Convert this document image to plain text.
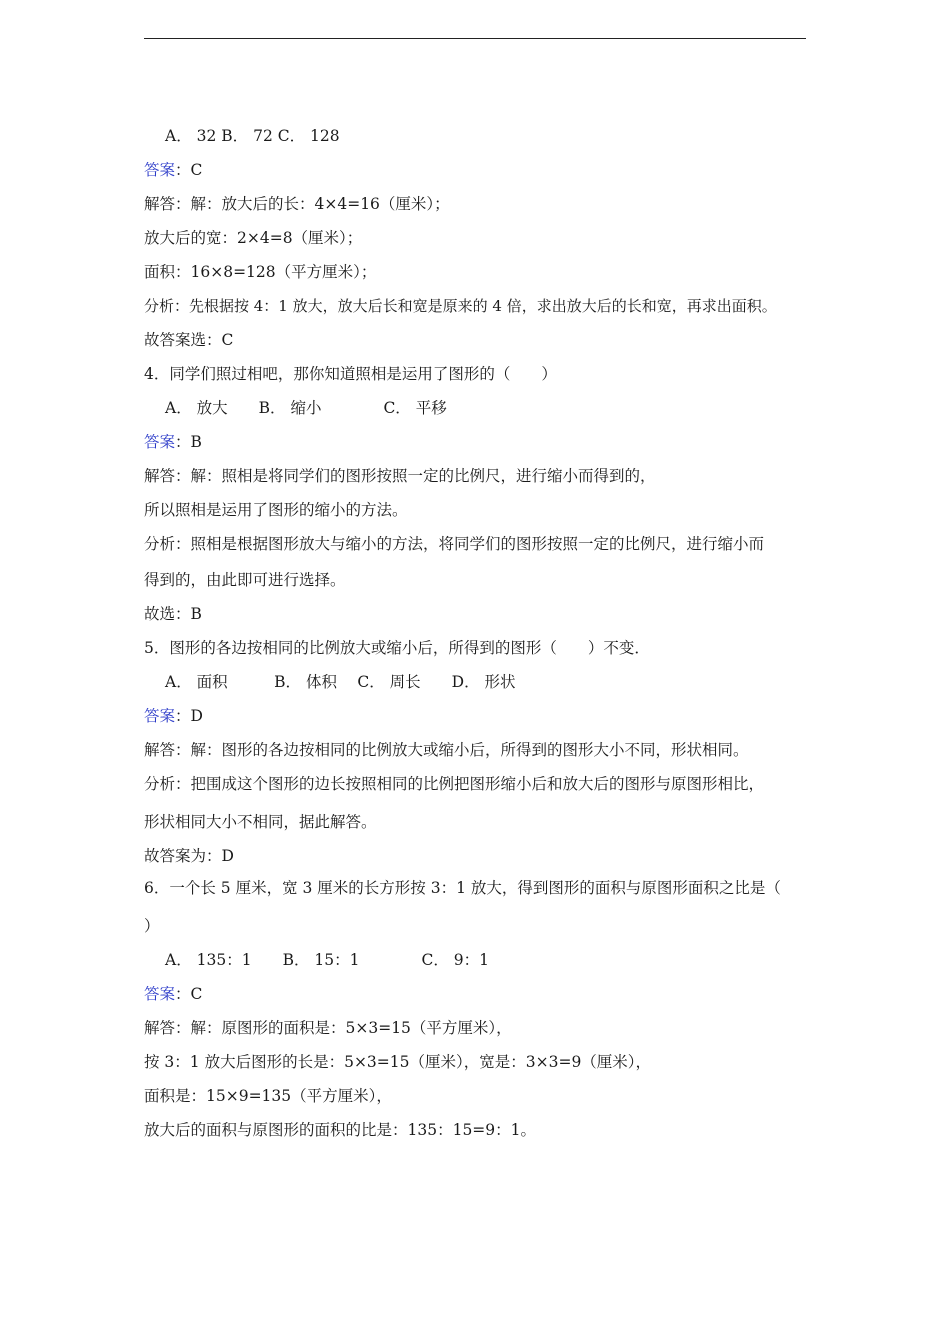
A． 32 B． 72 C． 128
答案：C
解答：解：放大后的长：4×4=16（厘米）；
放大后的宽：2×4=8（厘米）；
面积：16×8=128（平方厘米）；
分析：先根据按 4：1 放大，放大后长和宽是原来的 4 倍，求出放大后的长和宽，再求出面积。
故答案选：C
4．同学们照过相吧，那你知道照相是运用了图形的（　　）
A． 放大　　B． 缩小　　　　C． 平移
答案：B
解答：解：照相是将同学们的图形按照一定的比例尺，进行缩小而得到的，
所以照相是运用了图形的缩小的方法。
分析：照相是根据图形放大与缩小的方法，将同学们的图形按照一定的比例尺，进行缩小而
得到的，由此即可进行选择。
故选：B
5．图形的各边按相同的比例放大或缩小后，所得到的图形（　　）不变．
A． 面积　　　B． 体积　 C． 周长　　D． 形状
答案：D
解答：解：图形的各边按相同的比例放大或缩小后，所得到的图形大小不同，形状相同。
分析：把围成这个图形的边长按照相同的比例把图形缩小后和放大后的图形与原图形相比，
形状相同大小不相同，据此解答。
故答案为：D
6．一个长 5 厘米，宽 3 厘米的长方形按 3：1 放大，得到图形的面积与原图形面积之比是（
）
A． 135：1　　B． 15：1　　　　C． 9：1
答案：C
解答：解：原图形的面积是：5×3=15（平方厘米），
按 3：1 放大后图形的长是：5×3=15（厘米），宽是：3×3=9（厘米），
面积是：15×9=135（平方厘米），
放大后的面积与原图形的面积的比是：135：15=9：1。
